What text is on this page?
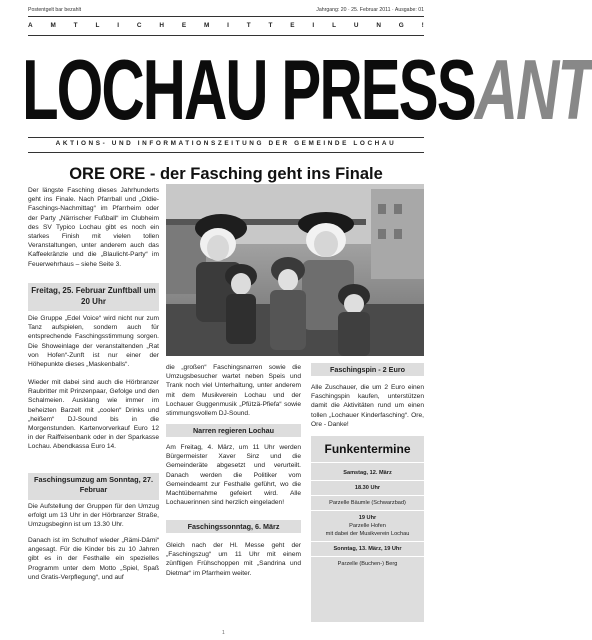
Postentgelt bar bezahlt	Jahrgang: 20 · 25. Februar 2011 · Ausgabe: 01
A	M	T	L	I	C	H	E	M	I	T	T	E	I	L	U	N	G	!
LOCHAU PRESSANT
AKTIONS- UND INFORMATIONSZEITUNG DER GEMEINDE LOCHAU
ORE ORE - der Fasching geht ins Finale
Der längste Fasching dieses Jahrhunderts geht ins Finale. Nach Pfarrball und „Oldie-Faschings-Nachmittag“ im Pfarrheim oder der Party „Närrischer Fußball“ im Clubheim des SV Typico Lochau gibt es noch ein starkes Finish mit vielen tollen Veranstaltungen, unter anderem auch das Kaffeekränzle und die „Blaulicht-Party“ im Feuerwehrhaus – siehe Seite 3.
Freitag, 25. Februar Zunftball um 20 Uhr
Die Gruppe „Edel Voice“ wird nicht nur zum Tanz aufspielen, sondern auch für entsprechende Faschingsstimmung sorgen. Die Showeinlage der veranstaltenden „Rat von Hofen“-Zunft ist nur einer der Höhepunkte dieses „Maskenballs“.
Wieder mit dabei sind auch die Hörbranzer Raubritter mit Prinzenpaar, Gefolge und den Schalmeien. Ausklang wie immer im beheizten Barzelt mit „coolen“ Drinks und „heißem“ DJ-Sound bis in die Morgenstunden. Kartenvorverkauf Euro 12 in der Raiffeisenbank oder in der Sparkasse Lochau. Abendkassa Euro 14.
Faschingsumzug am Sonntag, 27. Februar
Die Aufstellung der Gruppen für den Umzug erfolgt um 13 Uhr in der Hörbranzer Straße, Umzugsbeginn ist um 13.30 Uhr.
Danach ist im Schulhof wieder „Rämi-Dämi“ angesagt. Für die Kinder bis zu 10 Jahren gibt es in der Festhalle ein spezielles Programm unter dem Motto „Spiel, Spaß und Gratis-Verpflegung“, und auf
die „großen“ Faschingsnarren sowie die Umzugsbesucher wartet neben Speis und Trank noch viel Unterhaltung, unter anderem mit dem Musikverein Lochau und der Lochauer Guggenmusik „Pfützä-Pfiefa“ sowie stimmungsvollem DJ-Sound.
Narren regieren Lochau
Am Freitag, 4. März, um 11 Uhr werden Bürgermeister Xaver Sinz und die Gemeinderäte abgesetzt und verurteilt. Danach werden die Politiker vom Gemeindeamt zur Festhalle geführt, wo die Machtübernahme gefeiert wird. Alle Lochauerinnen sind herzlich eingeladen!
Faschingssonntag, 6. März
Gleich nach der Hl. Messe geht der „Faschingszug“ um 11 Uhr mit einem zünftigen Frühschoppen mit „Sandrina und Dietmar“ im Pfarrheim weiter.
Faschingspin - 2 Euro
Alle Zuschauer, die um 2 Euro einen Faschingspin kaufen, unterstützen damit die Aktivitäten rund um einen tollen „Lochauer Kinderfasching“. Ore, Ore - Danke!
Funkentermine
Samstag, 12. März
18.30 Uhr
Parzelle Bäumle (Schwarzbad)
19 Uhr
Parzelle Hofen
mit dabei der Musikverein Lochau
Sonntag, 13. März, 19 Uhr
Parzelle (Buchen-) Berg
1
